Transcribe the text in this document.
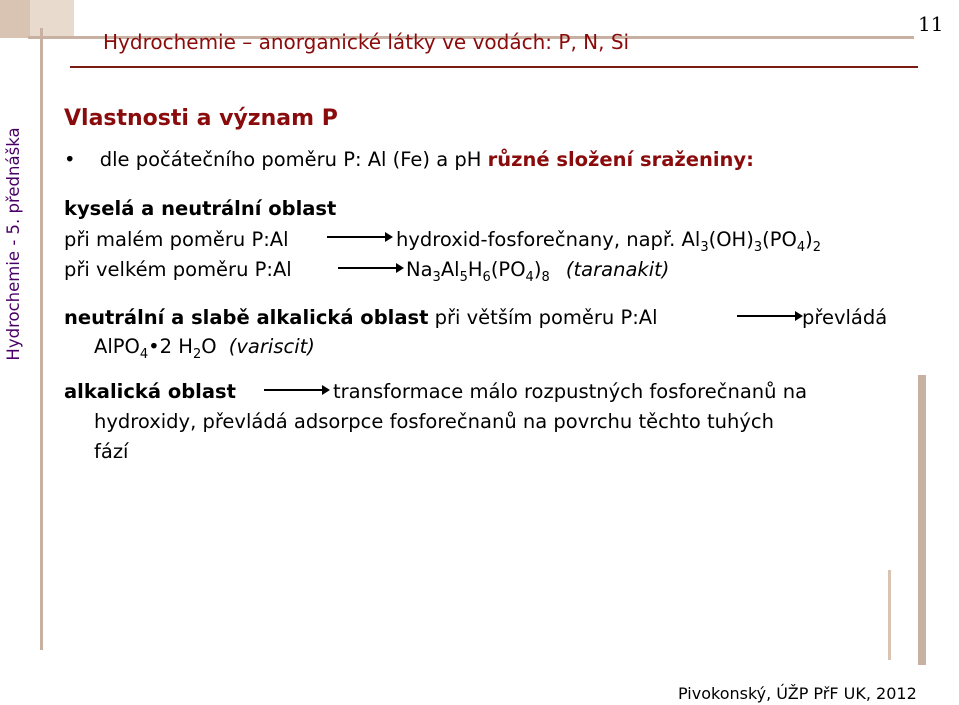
Hydrochemie - 5. přednáška
Hydrochemie – anorganické látky ve vodách: P, N, Si
11
Vlastnosti a význam P
• dle počátečního poměru P: Al (Fe) a pH různé složení sraženiny:
kyselá a neutrální oblast
při malém poměru P:Al	hydroxid-fosforečnany, např. $Al_3(OH)_3(PO_4)_2$
při velkém poměru P:Al	$Na_3Al_5H_6(PO_4)_8$ (taranakit)
neutrální a slabě alkalická oblast při větším poměru P:Al	převládá
AlPO$_4$•2 $H_2O$ (variscit)
alkalická oblast	transformace málo rozpustných fosforečnanů na
hydroxidy, převládá adsorpce fosforečnanů na povrchu těchto tuhých
fází
Pivokonský, ÚŽP PřF UK, 2012
